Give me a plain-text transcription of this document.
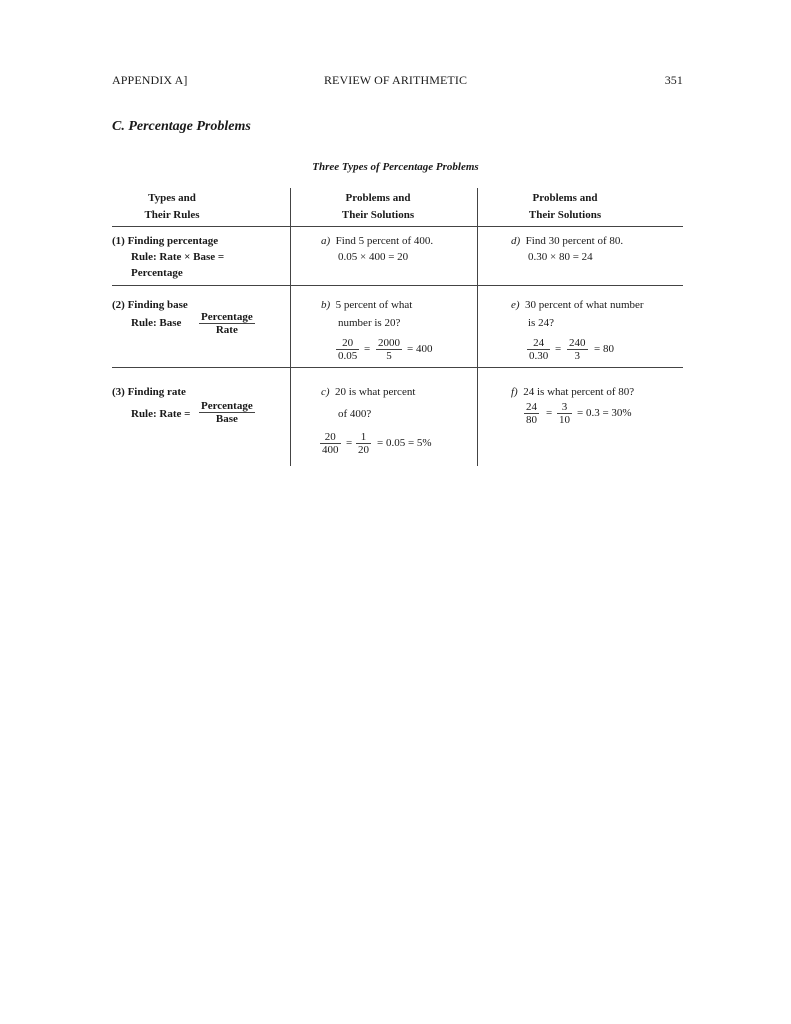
APPENDIX A]	REVIEW OF ARITHMETIC	351
C. Percentage Problems
Three Types of Percentage Problems
Types and
Their Rules
Problems and
Their Solutions
Problems and
Their Solutions
(1) Finding percentage
Rule: Rate × Base =
Percentage
a) Find 5 percent of 400.
0.05 × 400 = 20
d) Find 30 percent of 80.
0.30 × 80 = 24
(2) Finding base
Rule: Base Percentage
Rate
b) 5 percent of what
number is 20?
$\frac{20}{0.05} = \frac{2000}{5} = 400$
e) 30 percent of what number
is 24?
$\frac{24}{0.30} = \frac{240}{3} = 80$
(3) Finding rate
Rule: Rate =
Percentage
Base
c) 20 is what percent
of 400?
$\frac{20}{400} = \frac{1}{20} = 0.05 = 5\%$
f) 24 is what percent of 80?
$\frac{24}{80} = \frac{3}{10} = 0.3 = 30\%$
